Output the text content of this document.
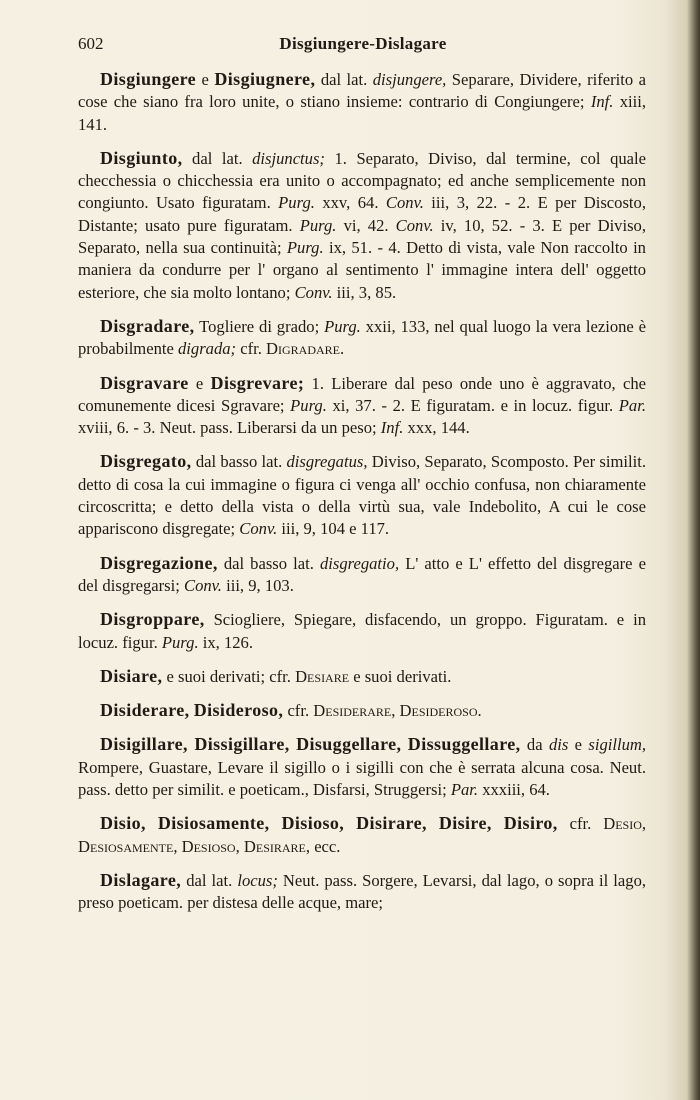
602	Disgiungere-Dislagare

Disgiungere e Disgiugnere, dal lat. disjungere, Separare, Dividere, riferito a cose che siano fra loro unite, o stiano insieme: contrario di Congiungere; Inf. xiii, 141.

Disgiunto, dal lat. disjunctus; 1. Separato, Diviso, dal termine, col quale checchessia o chicchessia era unito o accompagnato; ed anche semplicemente non congiunto. Usato figuratam. Purg. xxv, 64. Conv. iii, 3, 22. - 2. E per Discosto, Distante; usato pure figuratam. Purg. vi, 42. Conv. iv, 10, 52. - 3. E per Diviso, Separato, nella sua continuità; Purg. ix, 51. - 4. Detto di vista, vale Non raccolto in maniera da condurre per l' organo al sentimento l' immagine intera dell' oggetto esteriore, che sia molto lontano; Conv. iii, 3, 85.

Disgradare, Togliere di grado; Purg. xxii, 133, nel qual luogo la vera lezione è probabilmente digrada; cfr. Digradare.

Disgravare e Disgrevare; 1. Liberare dal peso onde uno è aggravato, che comunemente dicesi Sgravare; Purg. xi, 37. - 2. E figuratam. e in locuz. figur. Par. xviii, 6. - 3. Neut. pass. Liberarsi da un peso; Inf. xxx, 144.

Disgregato, dal basso lat. disgregatus, Diviso, Separato, Scomposto. Per similit. detto di cosa la cui immagine o figura ci venga all' occhio confusa, non chiaramente circoscritta; e detto della vista o della virtù sua, vale Indebolito, A cui le cose appariscono disgregate; Conv. iii, 9, 104 e 117.

Disgregazione, dal basso lat. disgregatio, L' atto e L' effetto del disgregare e del disgregarsi; Conv. iii, 9, 103.

Disgroppare, Sciogliere, Spiegare, disfacendo, un groppo. Figuratam. e in locuz. figur. Purg. ix, 126.

Disiare, e suoi derivati; cfr. Desiare e suoi derivati.

Disiderare, Disideroso, cfr. Desiderare, Desideroso.

Disigillare, Dissigillare, Disuggellare, Dissuggellare, da dis e sigillum, Rompere, Guastare, Levare il sigillo o i sigilli con che è serrata alcuna cosa. Neut. pass. detto per similit. e poeticam., Disfarsi, Struggersi; Par. xxxiii, 64.

Disio, Disiosamente, Disioso, Disirare, Disire, Disiro, cfr. Desio, Desiosamente, Desioso, Desirare, ecc.

Dislagare, dal lat. locus; Neut. pass. Sorgere, Levarsi, dal lago, o sopra il lago, preso poeticam. per distesa delle acque, mare;
